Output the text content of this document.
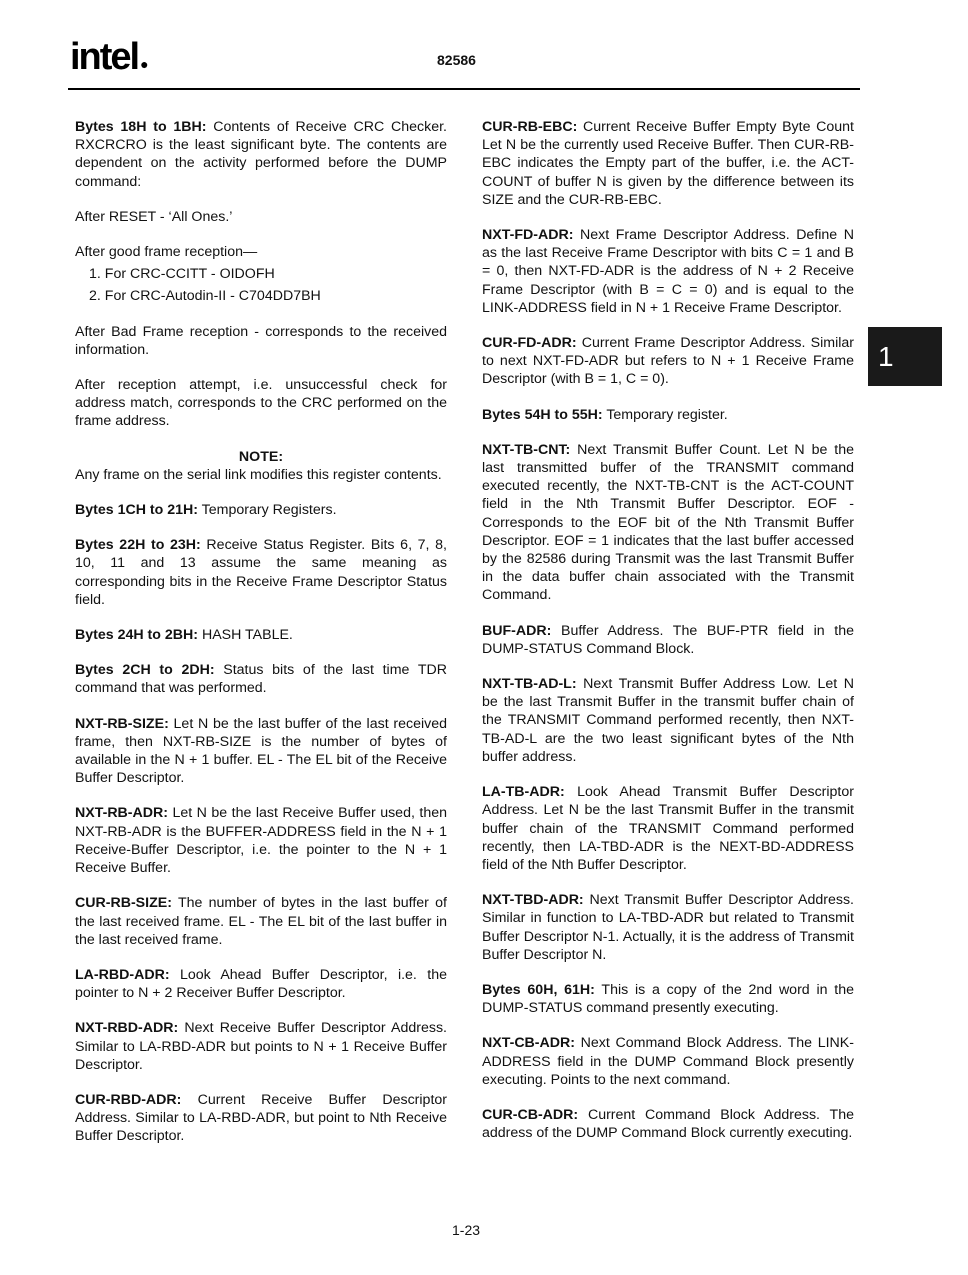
intel ●	82586

Bytes 18H to 1BH: Contents of Receive CRC Checker. RXCRCRO is the least significant byte. The contents are dependent on the activity performed before the DUMP command:

After RESET - ‘All Ones.’

After good frame reception—

1. For CRC-CCITT - OIDOFH
2. For CRC-Autodin-II - C704DD7BH

After Bad Frame reception - corresponds to the received information.

After reception attempt, i.e. unsuccessful check for address match, corresponds to the CRC performed on the frame address.

NOTE:

Any frame on the serial link modifies this register contents.

Bytes 1CH to 21H: Temporary Registers.

Bytes 22H to 23H: Receive Status Register. Bits 6, 7, 8, 10, 11 and 13 assume the same meaning as corresponding bits in the Receive Frame Descriptor Status field.

Bytes 24H to 2BH: HASH TABLE.

Bytes 2CH to 2DH: Status bits of the last time TDR command that was performed.

NXT-RB-SIZE: Let N be the last buffer of the last received frame, then NXT-RB-SIZE is the number of bytes of available in the N + 1 buffer. EL - The EL bit of the Receive Buffer Descriptor.

NXT-RB-ADR: Let N be the last Receive Buffer used, then NXT-RB-ADR is the BUFFER-ADDRESS field in the N + 1 Receive-Buffer Descriptor, i.e. the pointer to the N + 1 Receive Buffer.

CUR-RB-SIZE: The number of bytes in the last buffer of the last received frame. EL - The EL bit of the last buffer in the last received frame.

LA-RBD-ADR: Look Ahead Buffer Descriptor, i.e. the pointer to N + 2 Receiver Buffer Descriptor.

NXT-RBD-ADR: Next Receive Buffer Descriptor Address. Similar to LA-RBD-ADR but points to N + 1 Receive Buffer Descriptor.

CUR-RBD-ADR: Current Receive Buffer Descriptor Address. Similar to LA-RBD-ADR, but point to Nth Receive Buffer Descriptor.

CUR-RB-EBC: Current Receive Buffer Empty Byte Count Let N be the currently used Receive Buffer. Then CUR-RB-EBC indicates the Empty part of the buffer, i.e. the ACT-COUNT of buffer N is given by the difference between its SIZE and the CUR-RB-EBC.

NXT-FD-ADR: Next Frame Descriptor Address. Define N as the last Receive Frame Descriptor with bits C = 1 and B = 0, then NXT-FD-ADR is the address of N + 2 Receive Frame Descriptor (with B = C = 0) and is equal to the LINK-ADDRESS field in N + 1 Receive Frame Descriptor.

CUR-FD-ADR: Current Frame Descriptor Address. Similar to next NXT-FD-ADR but refers to N + 1 Receive Frame Descriptor (with B = 1, C = 0).

Bytes 54H to 55H: Temporary register.

NXT-TB-CNT: Next Transmit Buffer Count. Let N be the last transmitted buffer of the TRANSMIT command executed recently, the NXT-TB-CNT is the ACT-COUNT field in the Nth Transmit Buffer Descriptor. EOF - Corresponds to the EOF bit of the Nth Transmit Buffer Descriptor. EOF = 1 indicates that the last buffer accessed by the 82586 during Transmit was the last Transmit Buffer in the data buffer chain associated with the Transmit Command.

BUF-ADR: Buffer Address. The BUF-PTR field in the DUMP-STATUS Command Block.

NXT-TB-AD-L: Next Transmit Buffer Address Low. Let N be the last Transmit Buffer in the transmit buffer chain of the TRANSMIT Command performed recently, then NXT-TB-AD-L are the two least significant bytes of the Nth buffer address.

LA-TB-ADR: Look Ahead Transmit Buffer Descriptor Address. Let N be the last Transmit Buffer in the transmit buffer chain of the TRANSMIT Command performed recently, then LA-TBD-ADR is the NEXT-BD-ADDRESS field of the Nth Buffer Descriptor.

NXT-TBD-ADR: Next Transmit Buffer Descriptor Address. Similar in function to LA-TBD-ADR but related to Transmit Buffer Descriptor N-1. Actually, it is the address of Transmit Buffer Descriptor N.

Bytes 60H, 61H: This is a copy of the 2nd word in the DUMP-STATUS command presently executing.

NXT-CB-ADR: Next Command Block Address. The LINK-ADDRESS field in the DUMP Command Block presently executing. Points to the next command.

CUR-CB-ADR: Current Command Block Address. The address of the DUMP Command Block currently executing.

1
1-23
